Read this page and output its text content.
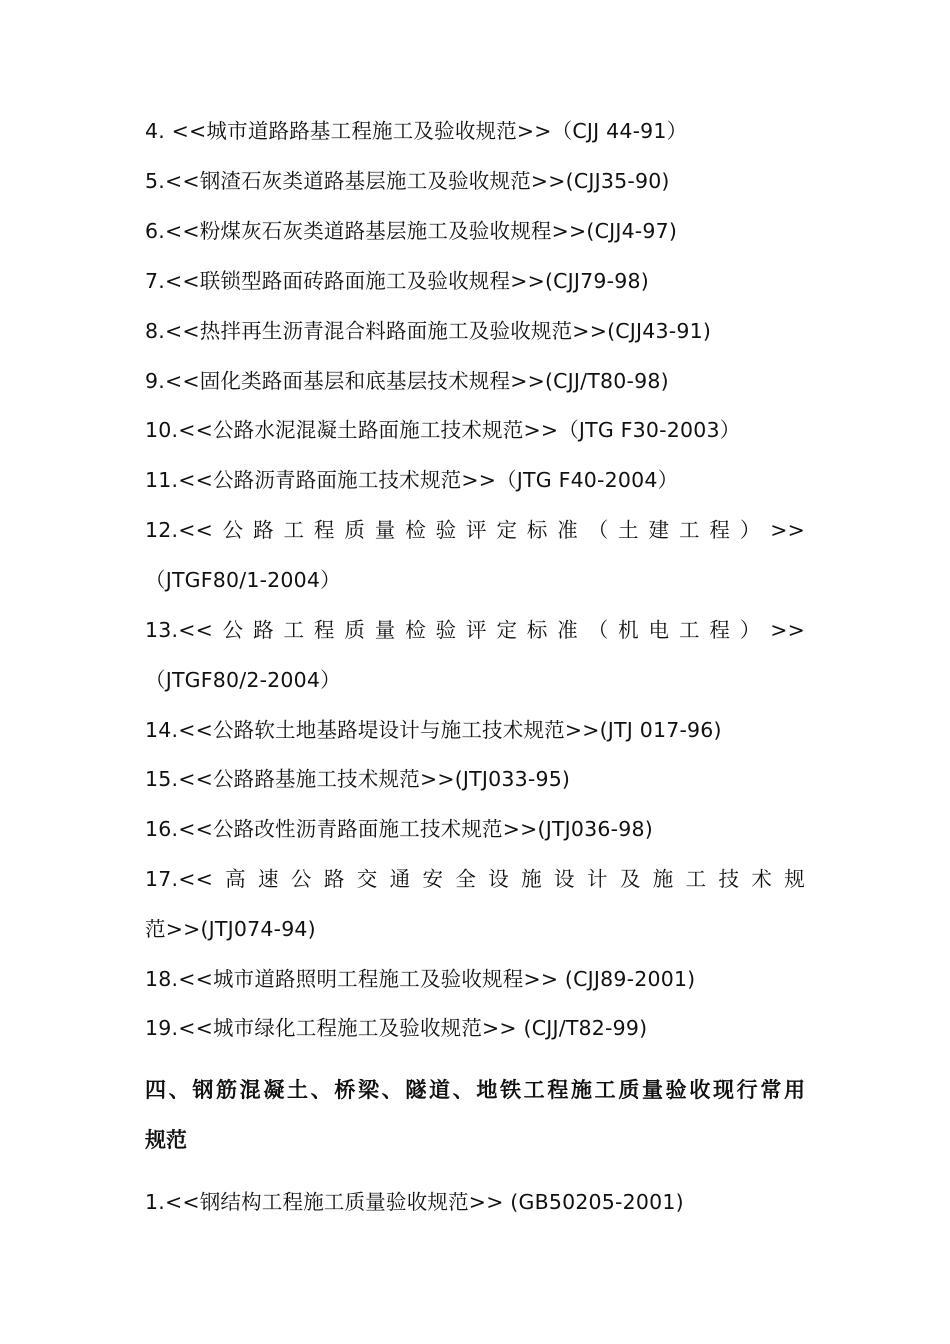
4. <<城市道路路基工程施工及验收规范>>（CJJ 44-91）
5.<<钢渣石灰类道路基层施工及验收规范>>(CJJ35-90)
6.<<粉煤灰石灰类道路基层施工及验收规程>>(CJJ4-97)
7.<<联锁型路面砖路面施工及验收规程>>(CJJ79-98)
8.<<热拌再生沥青混合料路面施工及验收规范>>(CJJ43-91)
9.<<固化类路面基层和底基层技术规程>>(CJJ/T80-98)
10.<<公路水泥混凝土路面施工技术规范>>（JTG F30-2003）
11.<<公路沥青路面施工技术规范>>（JTG F40-2004）
12.<<公路工程质量检验评定标准（土建工程）>>
（JTGF80/1-2004）
13.<<公路工程质量检验评定标准（机电工程）>>
（JTGF80/2-2004）
14.<<公路软土地基路堤设计与施工技术规范>>(JTJ 017-96)
15.<<公路路基施工技术规范>>(JTJ033-95)
16.<<公路改性沥青路面施工技术规范>>(JTJ036-98)
17.<<高速公路交通安全设施设计及施工技术规
范>>(JTJ074-94)
18.<<城市道路照明工程施工及验收规程>> (CJJ89-2001)
19.<<城市绿化工程施工及验收规范>> (CJJ/T82-99)
四、钢筋混凝土、桥梁、隧道、地铁工程施工质量验收现行常用
规范
1.<<钢结构工程施工质量验收规范>> (GB50205-2001)
